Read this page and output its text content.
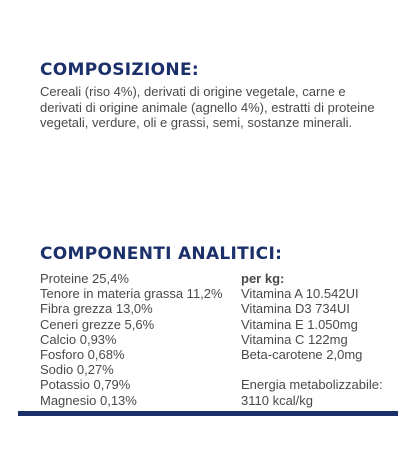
COMPOSIZIONE:

Cereali (riso 4%), derivati di origine vegetale, carne e derivati di origine animale (agnello 4%), estratti di proteine vegetali, verdure, oli e grassi, semi, sostanze minerali.

COMPONENTI ANALITICI:
Proteine 25,4%
Tenore in materia grassa 11,2%
Fibra grezza 13,0%
Ceneri grezze 5,6%
Calcio 0,93%
Fosforo 0,68%
Sodio 0,27%
Potassio 0,79%
Magnesio 0,13%
per kg:
Vitamina A 10.542UI
Vitamina D3 734UI
Vitamina E 1.050mg
Vitamina C 122mg
Beta-carotene 2,0mg
Energia metabolizzabile:
3110 kcal/kg
